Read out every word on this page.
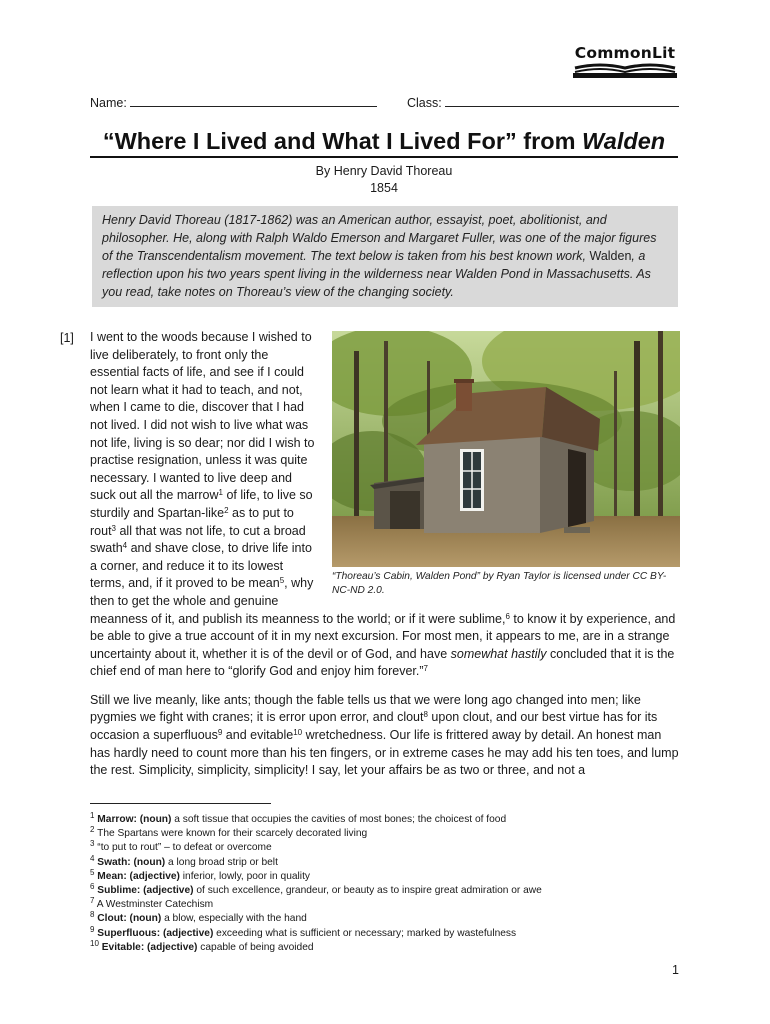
CommonLit
Name:	Class:
“Where I Lived and What I Lived For” from Walden
By Henry David Thoreau
1854
Henry David Thoreau (1817-1862) was an American author, essayist, poet, abolitionist, and philosopher. He, along with Ralph Waldo Emerson and Margaret Fuller, was one of the major figures of the Transcendentalism movement. The text below is taken from his best known work, Walden, a reflection upon his two years spent living in the wilderness near Walden Pond in Massachusetts. As you read, take notes on Thoreau’s view of the changing society.
[1]
“Thoreau’s Cabin, Walden Pond” by Ryan Taylor is licensed under CC BY-NC-ND 2.0.

I went to the woods because I wished to live deliberately, to front only the essential facts of life, and see if I could not learn what it had to teach, and not, when I came to die, discover that I had not lived. I did not wish to live what was not life, living is so dear; nor did I wish to practise resignation, unless it was quite necessary. I wanted to live deep and suck out all the marrow$^1$ of life, to live so sturdily and Spartan-like$^2$ as to put to rout$^3$ all that was not life, to cut a broad swath$^4$ and shave close, to drive life into a corner, and reduce it to its lowest terms, and, if it proved to be mean$^5$, why then to get the whole and genuine meanness of it, and publish its meanness to the world; or if it were sublime,$^6$ to know it by experience, and be able to give a true account of it in my next excursion. For most men, it appears to me, are in a strange uncertainty about it, whether it is of the devil or of God, and have somewhat hastily concluded that it is the chief end of man here to “glorify God and enjoy him forever.”$^7$

Still we live meanly, like ants; though the fable tells us that we were long ago changed into men; like pygmies we fight with cranes; it is error upon error, and clout$^8$ upon clout, and our best virtue has for its occasion a superfluous$^9$ and evitable$^{10}$ wretchedness. Our life is frittered away by detail. An honest man has hardly need to count more than his ten fingers, or in extreme cases he may add his ten toes, and lump the rest. Simplicity, simplicity, simplicity! I say, let your affairs be as two or three, and not a

$^1$ Marrow: (noun) a soft tissue that occupies the cavities of most bones; the choicest of food
$^2$ The Spartans were known for their scarcely decorated living
$^3$ “to put to rout” – to defeat or overcome
$^4$ Swath: (noun) a long broad strip or belt
$^5$ Mean: (adjective) inferior, lowly, poor in quality
$^6$ Sublime: (adjective) of such excellence, grandeur, or beauty as to inspire great admiration or awe
$^7$ A Westminster Catechism
$^8$ Clout: (noun) a blow, especially with the hand
$^9$ Superfluous: (adjective) exceeding what is sufficient or necessary; marked by wastefulness
$^{10}$ Evitable: (adjective) capable of being avoided
1
